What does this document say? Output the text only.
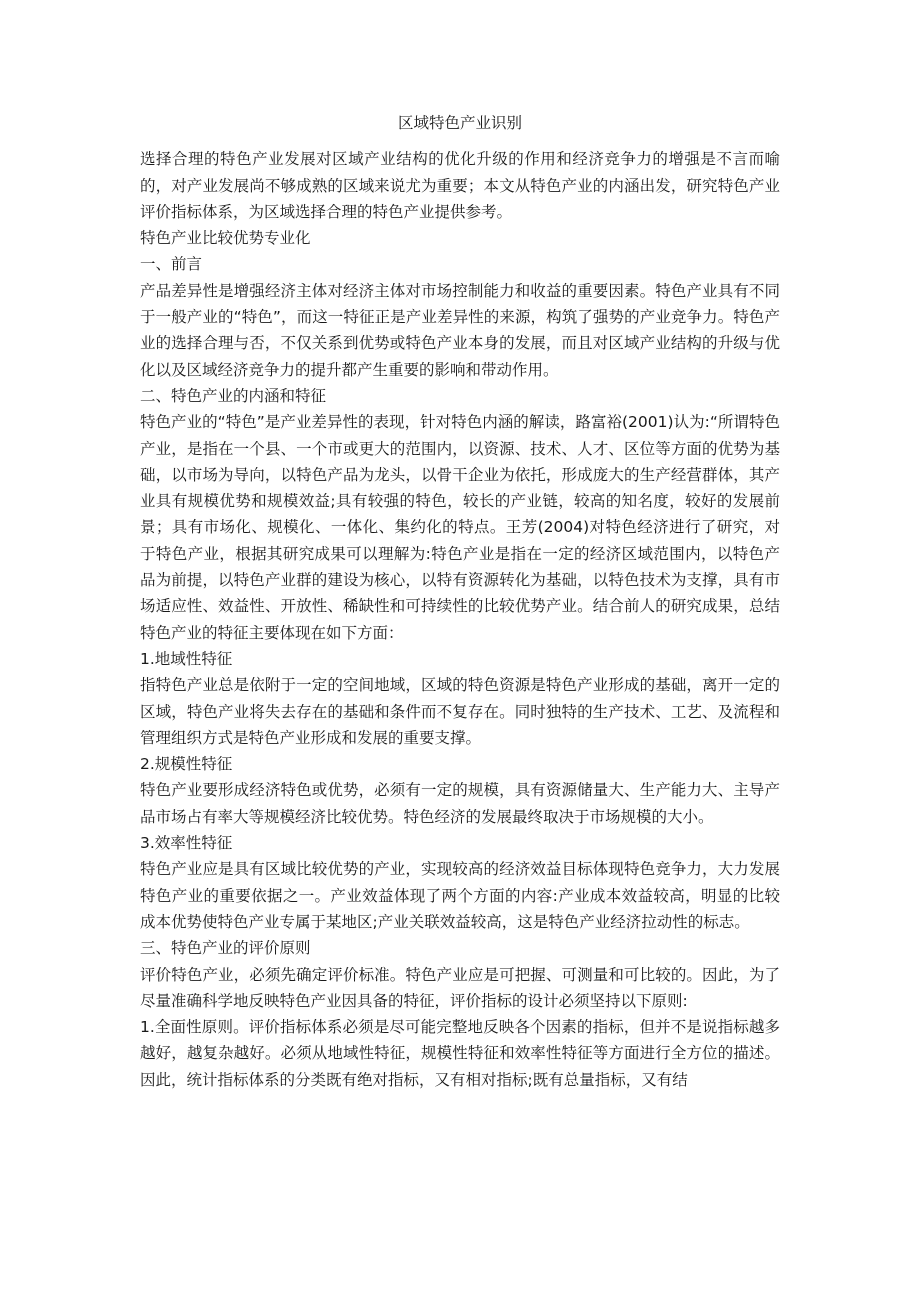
区域特色产业识别

选择合理的特色产业发展对区域产业结构的优化升级的作用和经济竞争力的增强是不言而喻的，对产业发展尚不够成熟的区域来说尤为重要；本文从特色产业的内涵出发，研究特色产业评价指标体系，为区域选择合理的特色产业提供参考。

特色产业比较优势专业化

一、前言

产品差异性是增强经济主体对经济主体对市场控制能力和收益的重要因素。特色产业具有不同于一般产业的“特色”，而这一特征正是产业差异性的来源，构筑了强势的产业竞争力。特色产业的选择合理与否，不仅关系到优势或特色产业本身的发展，而且对区域产业结构的升级与优化以及区域经济竞争力的提升都产生重要的影响和带动作用。

二、特色产业的内涵和特征

特色产业的“特色”是产业差异性的表现，针对特色内涵的解读，路富裕(2001)认为:“所谓特色产业，是指在一个县、一个市或更大的范围内，以资源、技术、人才、区位等方面的优势为基础，以市场为导向，以特色产品为龙头，以骨干企业为依托，形成庞大的生产经营群体，其产业具有规模优势和规模效益;具有较强的特色，较长的产业链，较高的知名度，较好的发展前景；具有市场化、规模化、一体化、集约化的特点。王芳(2004)对特色经济进行了研究，对于特色产业，根据其研究成果可以理解为:特色产业是指在一定的经济区域范围内，以特色产品为前提，以特色产业群的建设为核心，以特有资源转化为基础，以特色技术为支撑，具有市场适应性、效益性、开放性、稀缺性和可持续性的比较优势产业。结合前人的研究成果，总结特色产业的特征主要体现在如下方面：

1.地域性特征

指特色产业总是依附于一定的空间地域，区域的特色资源是特色产业形成的基础，离开一定的区域，特色产业将失去存在的基础和条件而不复存在。同时独特的生产技术、工艺、及流程和管理组织方式是特色产业形成和发展的重要支撑。

2.规模性特征

特色产业要形成经济特色或优势，必须有一定的规模，具有资源储量大、生产能力大、主导产品市场占有率大等规模经济比较优势。特色经济的发展最终取决于市场规模的大小。

3.效率性特征

特色产业应是具有区域比较优势的产业，实现较高的经济效益目标体现特色竞争力，大力发展特色产业的重要依据之一。产业效益体现了两个方面的内容:产业成本效益较高，明显的比较成本优势使特色产业专属于某地区;产业关联效益较高，这是特色产业经济拉动性的标志。

三、特色产业的评价原则

评价特色产业，必须先确定评价标准。特色产业应是可把握、可测量和可比较的。因此，为了尽量准确科学地反映特色产业因具备的特征，评价指标的设计必须坚持以下原则:

1.全面性原则。评价指标体系必须是尽可能完整地反映各个因素的指标，但并不是说指标越多越好，越复杂越好。必须从地域性特征，规模性特征和效率性特征等方面进行全方位的描述。因此，统计指标体系的分类既有绝对指标，又有相对指标;既有总量指标，又有结
